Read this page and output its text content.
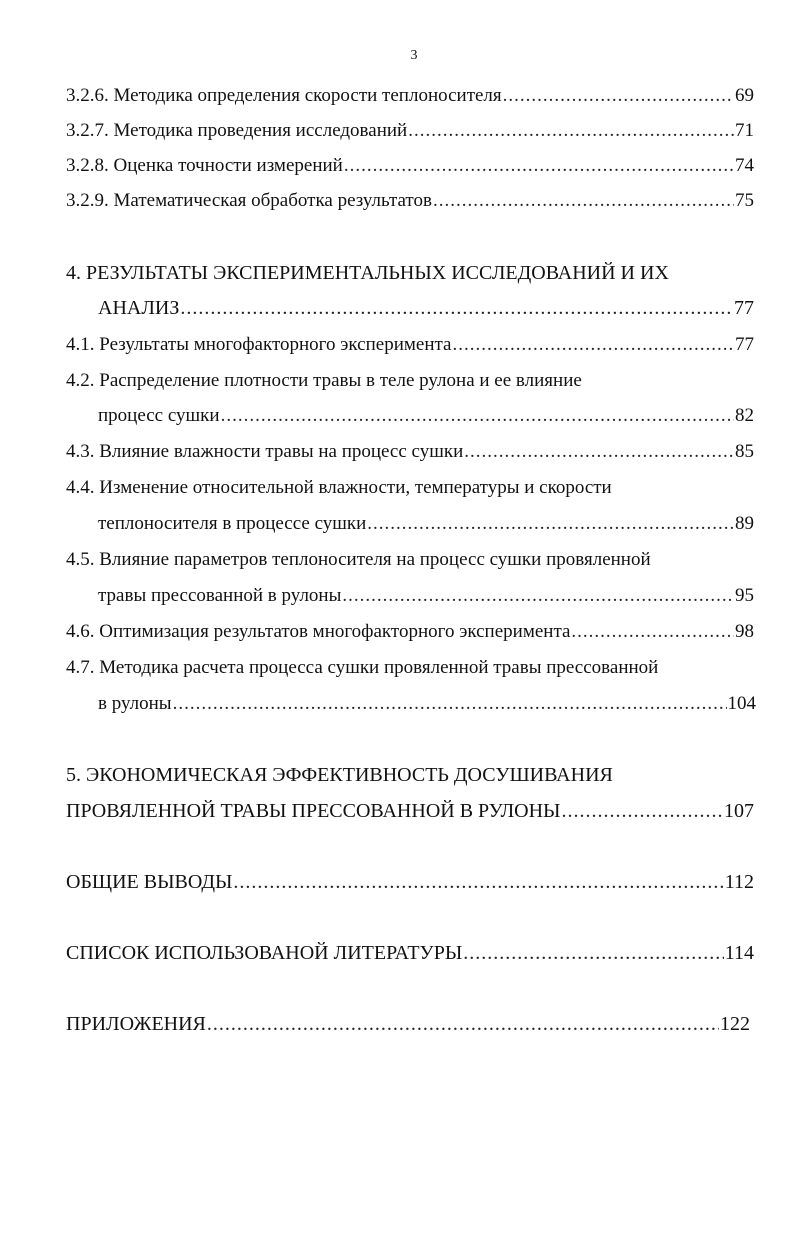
3
3.2.6. Методика определения скорости теплоносителя .....	69
3.2.7. Методика проведения исследований .....	71
3.2.8. Оценка точности измерений .....	74
3.2.9. Математическая обработка результатов .....	75
4. РЕЗУЛЬТАТЫ ЭКСПЕРИМЕНТАЛЬНЫХ ИССЛЕДОВАНИЙ И ИХ
АНАЛИЗ .....	77
4.1. Результаты многофакторного эксперимента .....	77
4.2. Распределение плотности травы в теле рулона и ее влияние
процесс сушки .....	82
4.3. Влияние влажности травы на процесс сушки .....	85
4.4. Изменение относительной влажности, температуры и скорости
теплоносителя в процессе сушки .....	89
4.5. Влияние параметров теплоносителя на процесс сушки провяленной
травы прессованной в рулоны .....	95
4.6. Оптимизация результатов многофакторного эксперимента .....	98
4.7. Методика расчета процесса сушки провяленной травы прессованной
в рулоны .....	104
5. ЭКОНОМИЧЕСКАЯ ЭФФЕКТИВНОСТЬ ДОСУШИВАНИЯ
ПРОВЯЛЕННОЙ ТРАВЫ ПРЕССОВАННОЙ В РУЛОНЫ .....	107
ОБЩИЕ ВЫВОДЫ .....	112
СПИСОК ИСПОЛЬЗОВАНОЙ ЛИТЕРАТУРЫ .....	114
ПРИЛОЖЕНИЯ .....	122
